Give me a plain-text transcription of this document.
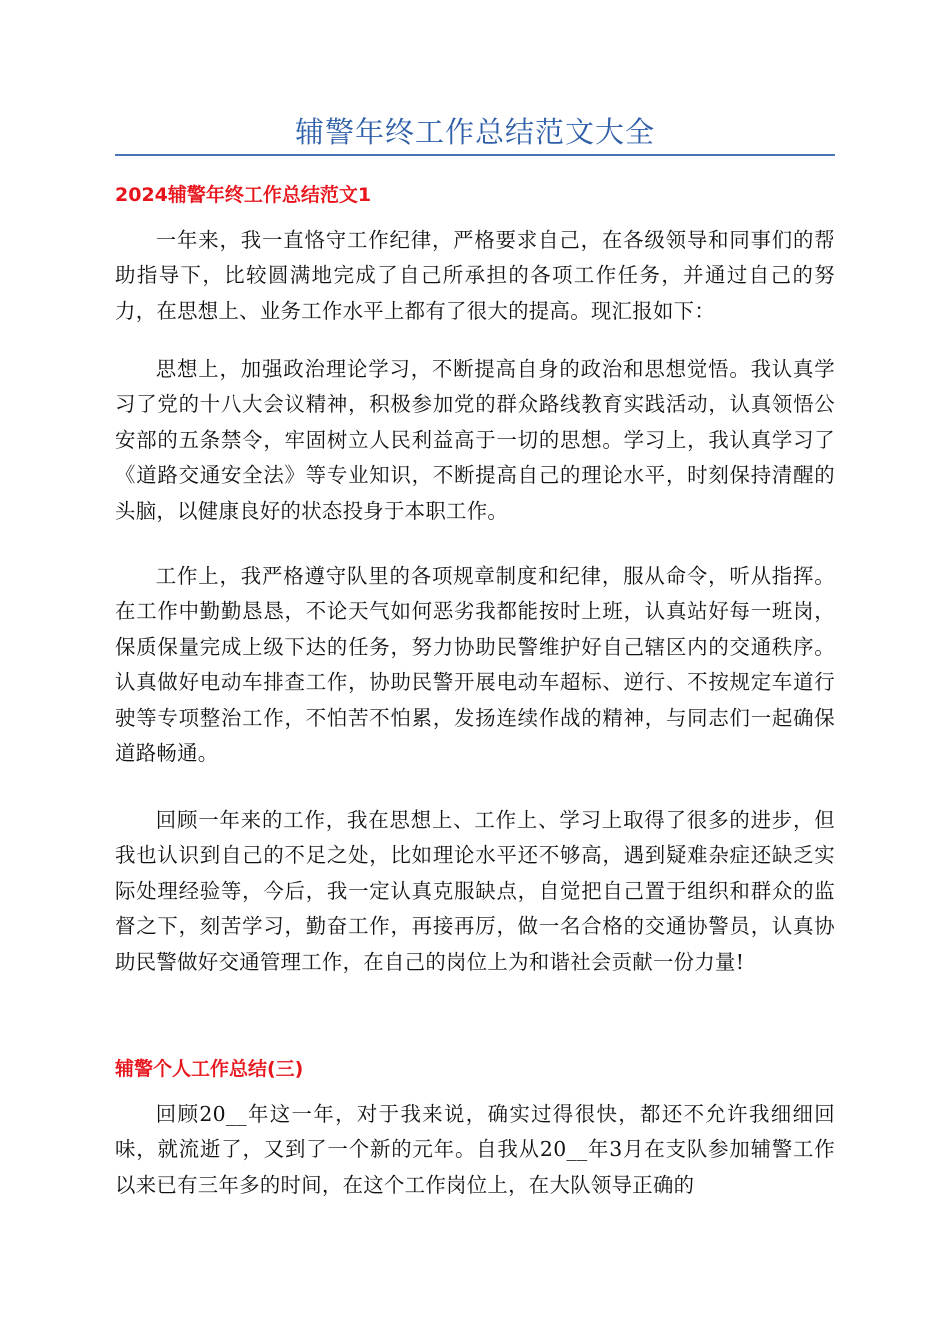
辅警年终工作总结范文大全
2024辅警年终工作总结范文1

一年来，我一直恪守工作纪律，严格要求自己，在各级领导和同事们的帮助指导下，比较圆满地完成了自己所承担的各项工作任务，并通过自己的努力，在思想上、业务工作水平上都有了很大的提高。现汇报如下：

思想上，加强政治理论学习，不断提高自身的政治和思想觉悟。我认真学习了党的十八大会议精神，积极参加党的群众路线教育实践活动，认真领悟公安部的五条禁令，牢固树立人民利益高于一切的思想。学习上，我认真学习了《道路交通安全法》等专业知识，不断提高自己的理论水平，时刻保持清醒的头脑，以健康良好的状态投身于本职工作。

工作上，我严格遵守队里的各项规章制度和纪律，服从命令，听从指挥。在工作中勤勤恳恳，不论天气如何恶劣我都能按时上班，认真站好每一班岗，保质保量完成上级下达的任务，努力协助民警维护好自己辖区内的交通秩序。认真做好电动车排查工作，协助民警开展电动车超标、逆行、不按规定车道行驶等专项整治工作，不怕苦不怕累，发扬连续作战的精神，与同志们一起确保道路畅通。

回顾一年来的工作，我在思想上、工作上、学习上取得了很多的进步，但我也认识到自己的不足之处，比如理论水平还不够高，遇到疑难杂症还缺乏实际处理经验等，今后，我一定认真克服缺点，自觉把自己置于组织和群众的监督之下，刻苦学习，勤奋工作，再接再厉，做一名合格的交通协警员，认真协助民警做好交通管理工作，在自己的岗位上为和谐社会贡献一份力量!

辅警个人工作总结(三)

回顾20__年这一年，对于我来说，确实过得很快，都还不允许我细细回味，就流逝了，又到了一个新的元年。自我从20__年3月在支队参加辅警工作以来已有三年多的时间，在这个工作岗位上，在大队领导正确的
